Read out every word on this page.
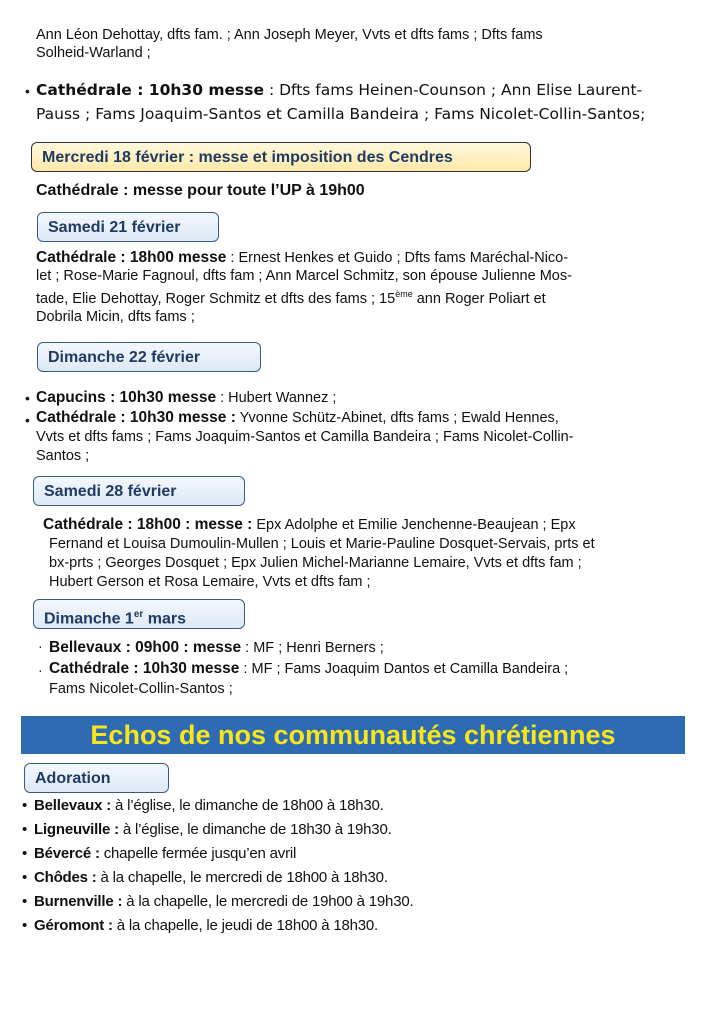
Ann Léon Dehottay, dfts fam. ; Ann Joseph Meyer, Vvts et dfts fams ; Dfts fams
Solheid-Warland ;
• Cathédrale : 10h30 messe : Dfts fams Heinen-Counson ; Ann Elise Laurent-
Pauss ; Fams Joaquim-Santos et Camilla Bandeira ; Fams Nicolet-Collin-Santos;
Mercredi 18 février : messe et imposition des Cendres
Cathédrale : messe pour toute l’UP à 19h00
Samedi 21 février
Cathédrale : 18h00 messe : Ernest Henkes et Guido ; Dfts fams Maréchal-Nico-
let ; Rose-Marie Fagnoul, dfts fam ; Ann Marcel Schmitz, son épouse Julienne Mos-
tade, Elie Dehottay, Roger Schmitz et dfts des fams ; 15ème ann Roger Poliart et
Dobrila Micin, dfts fams ;
Dimanche 22 février
•
•
Capucins : 10h30 messe : Hubert Wannez ;
Cathédrale : 10h30 messe : Yvonne Schütz-Abinet, dfts fams ; Ewald Hennes,
Vvts et dfts fams ; Fams Joaquim-Santos et Camilla Bandeira ; Fams Nicolet-Collin-
Santos ;
Samedi 28 février
Cathédrale : 18h00 : messe : Epx Adolphe et Emilie Jenchenne-Beaujean ; Epx
Fernand et Louisa Dumoulin-Mullen ; Louis et Marie-Pauline Dosquet-Servais, prts et
bx-prts ; Georges Dosquet ; Epx Julien Michel-Marianne Lemaire, Vvts et dfts fam ;
Hubert Gerson et Rosa Lemaire, Vvts et dfts fam ;
Dimanche 1er mars
·
·
Bellevaux : 09h00 : messe : MF ; Henri Berners ;
Cathédrale : 10h30 messe : MF ; Fams Joaquim Dantos et Camilla Bandeira ;
Fams Nicolet-Collin-Santos ;
Echos de nos communautés chrétiennes
Adoration
• Bellevaux : à l’église, le dimanche de 18h00 à 18h30.
• Ligneuville : à l’église, le dimanche de 18h30 à 19h30.
• Bévercé : chapelle fermée jusqu’en avril
• Chôdes : à la chapelle, le mercredi de 18h00 à 18h30.
• Burnenville : à la chapelle, le mercredi de 19h00 à 19h30.
• Géromont : à la chapelle, le jeudi de 18h00 à 18h30.
